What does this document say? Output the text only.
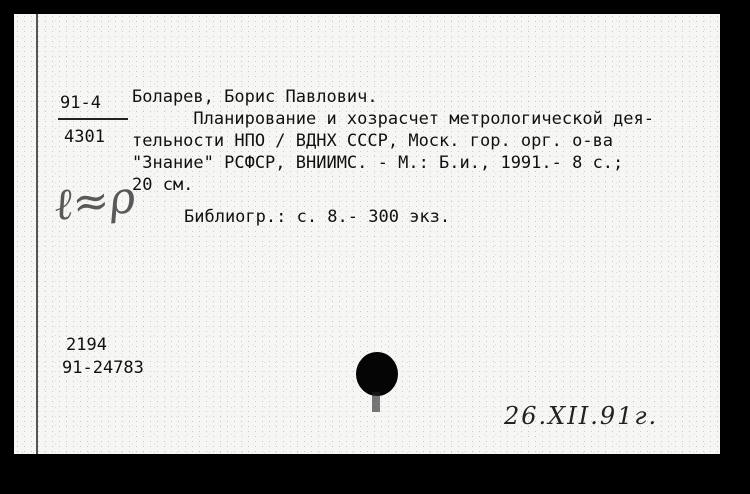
91-4
4301
ℓ≈ρ
Боларев, Борис Павлович.
Планирование и хозрасчет метрологической дея-
тельности НПО / ВДНХ СССР, Моск. гор. орг. о-ва
"Знание" РСФСР, ВНИИМС. - М.: Б.и., 1991.- 8 с.;
20 см.
Библиогр.: с. 8.- 300 экз.
2194
91-24783
26.XII.91г.
